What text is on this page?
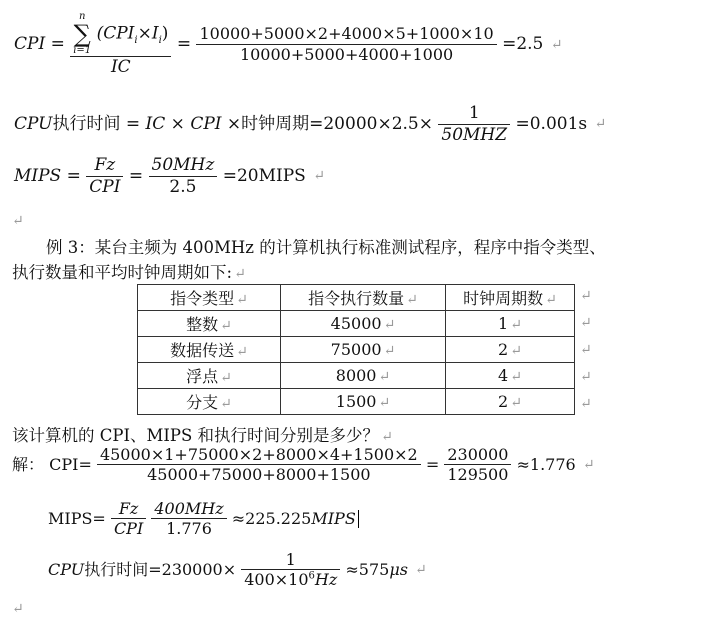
CPI = n
∑
i=1
$(CPI_i\times I_i)$
IC = $\frac{10000+5000\times 2+4000\times 5+1000\times 10}{10000+5000+4000+1000} =2.5$ ↵
CPU执行时间 = IC × CPI ×时钟周期$=20000\times 2.5\times \frac{1}{\text{50MHZ}} =0.001s$ ↵
MIPS = $\frac{Fz}{\text{CPI}} = \frac{\text{50MHz}}{2.5}$ =20MIPS ↵
↵
例 3：某台主频为 400MHz 的计算机执行标准测试程序，程序中指令类型、
执行数量和平均时钟周期如下: ↵
指令类型 ↵	指令执行数量 ↵	时钟周期数 ↵
整数 ↵	45000 ↵	1 ↵
数据传送 ↵	75000 ↵	2 ↵
浮点 ↵	8000 ↵	4 ↵
分支 ↵	1500 ↵	2 ↵
↵
↵
↵
↵
↵
该计算机的 CPI、MIPS 和执行时间分别是多少？ ↵
解： $CPI= \frac{45000\times 1+75000\times 2+8000\times 4+1500\times 2}{45000+75000+8000+1500} = \frac{230000}{129500} \approx 1.776$ ↵
MIPS= $\frac{Fz}{\text{CPI}}$
$\frac{\text{400MHz}}{1.776}$ ≈225.225MIPS
CPU执行时间$=230000\times \frac{1}{400\times 10^6Hz} \approx 575\mu s$ ↵
↵
